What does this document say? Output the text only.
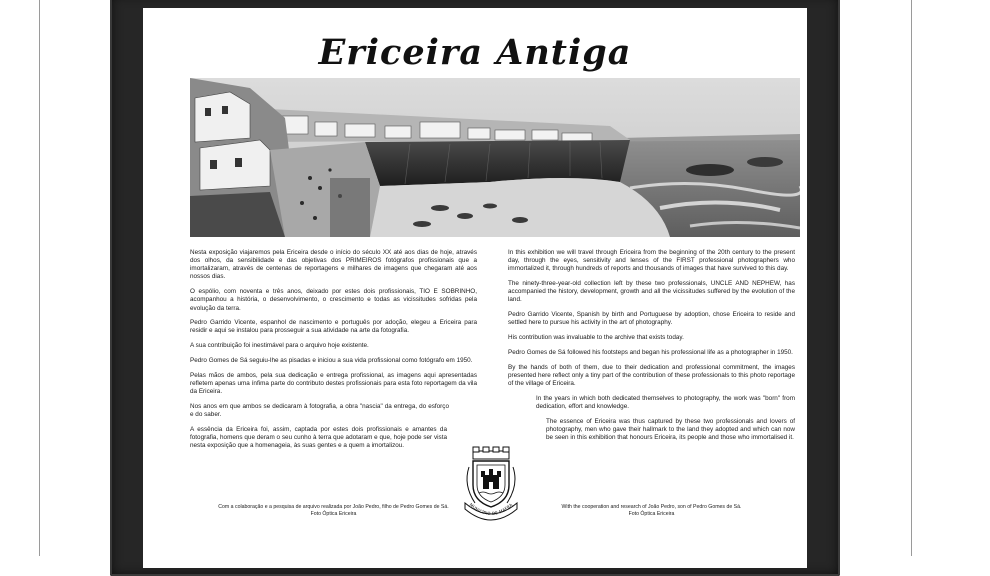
Ericeira Antiga

Nesta exposição viajaremos pela Ericeira desde o início do século XX até aos dias de hoje, através dos olhos, da sensibilidade e das objetivas dos PRIMEIROS fotógrafos profissionais que a imortalizaram, através de centenas de reportagens e milhares de imagens que chegaram até aos nossos dias.

O espólio, com noventa e três anos, deixado por estes dois profissionais, TIO E SOBRINHO, acompanhou a história, o desenvolvimento, o crescimento e todas as vicissitudes sofridas pela evolução da terra.

Pedro Garrido Vicente, espanhol de nascimento e português por adoção, elegeu a Ericeira para residir e aqui se instalou para prosseguir a sua atividade na arte da fotografia.

A sua contribuição foi inestimável para o arquivo hoje existente.

Pedro Gomes de Sá seguiu-lhe as pisadas e iniciou a sua vida profissional como fotógrafo em 1950.

Pelas mãos de ambos, pela sua dedicação e entrega profissional, as imagens aqui apresentadas refletem apenas uma ínfima parte do contributo destes profissionais para esta foto reportagem da vila da Ericeira.

Nos anos em que ambos se dedicaram à fotografia, a obra "nascia" da entrega, do esforço e do saber.

A essência da Ericeira foi, assim, captada por estes dois profissionais e amantes da fotografia, homens que deram o seu cunho à terra que adotaram e que, hoje pode ser vista nesta exposição que a homenageia, às suas gentes e a quem a imortalizou.

In this exhibition we will travel through Ericeira from the beginning of the 20th century to the present day, through the eyes, sensitivity and lenses of the FIRST professional photographers who immortalized it, through hundreds of reports and thousands of images that have survived to this day.

The ninety-three-year-old collection left by these two professionals, UNCLE AND NEPHEW, has accompanied the history, development, growth and all the vicissitudes suffered by the evolution of the land.

Pedro Garrido Vicente, Spanish by birth and Portuguese by adoption, chose Ericeira to reside and settled here to pursue his activity in the art of photography.

His contribution was invaluable to the archive that exists today.

Pedro Gomes de Sá followed his footsteps and began his professional life as a photographer in 1950.

By the hands of both of them, due to their dedication and professional commitment, the images presented here reflect only a tiny part of the contribution of these professionals to this photo reportage of the village of Ericeira.

In the years in which both dedicated themselves to photography, the work was "born" from dedication, effort and knowledge.

The essence of Ericeira was thus captured by these two professionals and lovers of photography, men who gave their hallmark to the land they adopted and which can now be seen in this exhibition that honours Ericeira, its people and those who immortalised it.

Com a colaboração e a pesquisa de arquivo realizada por João Pedro, filho de Pedro Gomes de Sá.
Foto Óptica Ericeira
With the cooperation and research of João Pedro, son of Pedro Gomes de Sá.
Foto Óptica Ericeira
MUNICÍPIO DE MAFRA
